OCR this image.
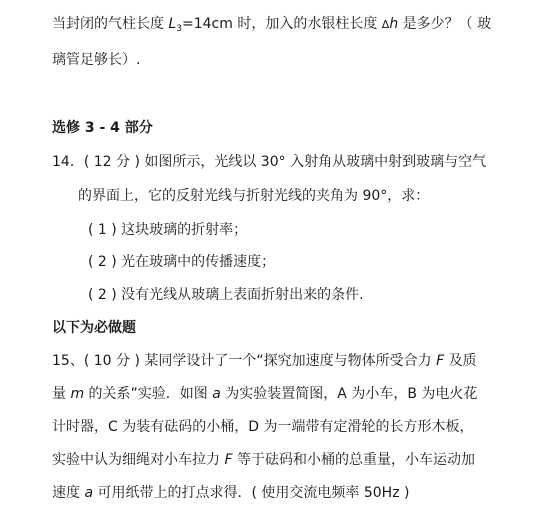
当封闭的气柱长度 $L_3=14cm$ 时，加入的水银柱长度 Δh 是多少？（ 玻
璃管足够长）.
选修 3 - 4 部分
14．( 12 分 ) 如图所示，光线以 30° 入射角从玻璃中射到玻璃与空气
的界面上，它的反射光线与折射光线的夹角为 90°，求：
( 1 ) 这块玻璃的折射率；
( 2 ) 光在玻璃中的传播速度；
( 2 ) 没有光线从玻璃上表面折射出来的条件.
以下为必做题
15、( 10 分 ) 某同学设计了一个“探究加速度与物体所受合力 F 及质
量 m 的关系”实验．如图 a 为实验装置简图，A 为小车，B 为电火花
计时器，C 为装有砝码的小桶，D 为一端带有定滑轮的长方形木板，
实验中认为细绳对小车拉力 F 等于砝码和小桶的总重量，小车运动加
速度 a 可用纸带上的打点求得．( 使用交流电频率 50Hz )
